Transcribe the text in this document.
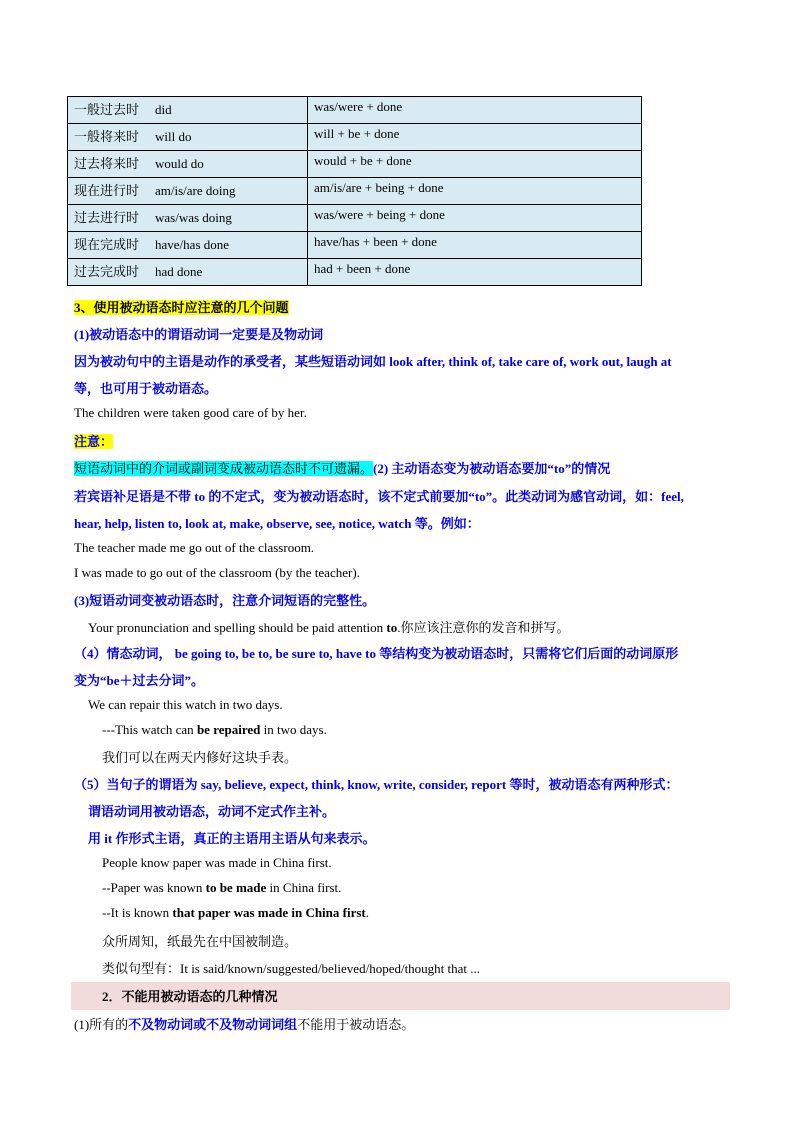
一般过去时 did	was/were + done
一般将来时 will do	will + be + done
过去将来时 would do	would + be + done
现在进行时 am/is/are doing	am/is/are + being + done
过去进行时 was/was doing	was/were + being + done
现在完成时 have/has done	have/has + been + done
过去完成时 had done	had + been + done
3、使用被动语态时应注意的几个问题
(1)被动语态中的谓语动词一定要是及物动词
因为被动句中的主语是动作的承受者，某些短语动词如 look after, think of, take care of, work out, laugh at
等，也可用于被动语态。
The children were taken good care of by her.
注意：
短语动词中的介词或副词变成被动语态时不可遗漏。(2) 主动语态变为被动语态要加“to”的情况
若宾语补足语是不带 to 的不定式，变为被动语态时，该不定式前要加“to”。此类动词为感官动词，如：feel,
hear, help, listen to, look at, make, observe, see, notice, watch 等。例如：
The teacher made me go out of the classroom.
I was made to go out of the classroom (by the teacher).
(3)短语动词变被动语态时，注意介词短语的完整性。
Your pronunciation and spelling should be paid attention to.你应该注意你的发音和拼写。
（4）情态动词， be going to, be to, be sure to, have to 等结构变为被动语态时，只需将它们后面的动词原形
变为“be＋过去分词”。
We can repair this watch in two days.
---This watch can be repaired in two days.
我们可以在两天内修好这块手表。
（5）当句子的谓语为 say, believe, expect, think, know, write, consider, report 等时，被动语态有两种形式：
谓语动词用被动语态，动词不定式作主补。
用 it 作形式主语，真正的主语用主语从句来表示。
People know paper was made in China first.
--Paper was known to be made in China first.
--It is known that paper was made in China first.
众所周知，纸最先在中国被制造。
类似句型有：It is said/known/suggested/believed/hoped/thought that ...
2．不能用被动语态的几种情况
(1)所有的不及物动词或不及物动词词组不能用于被动语态。
